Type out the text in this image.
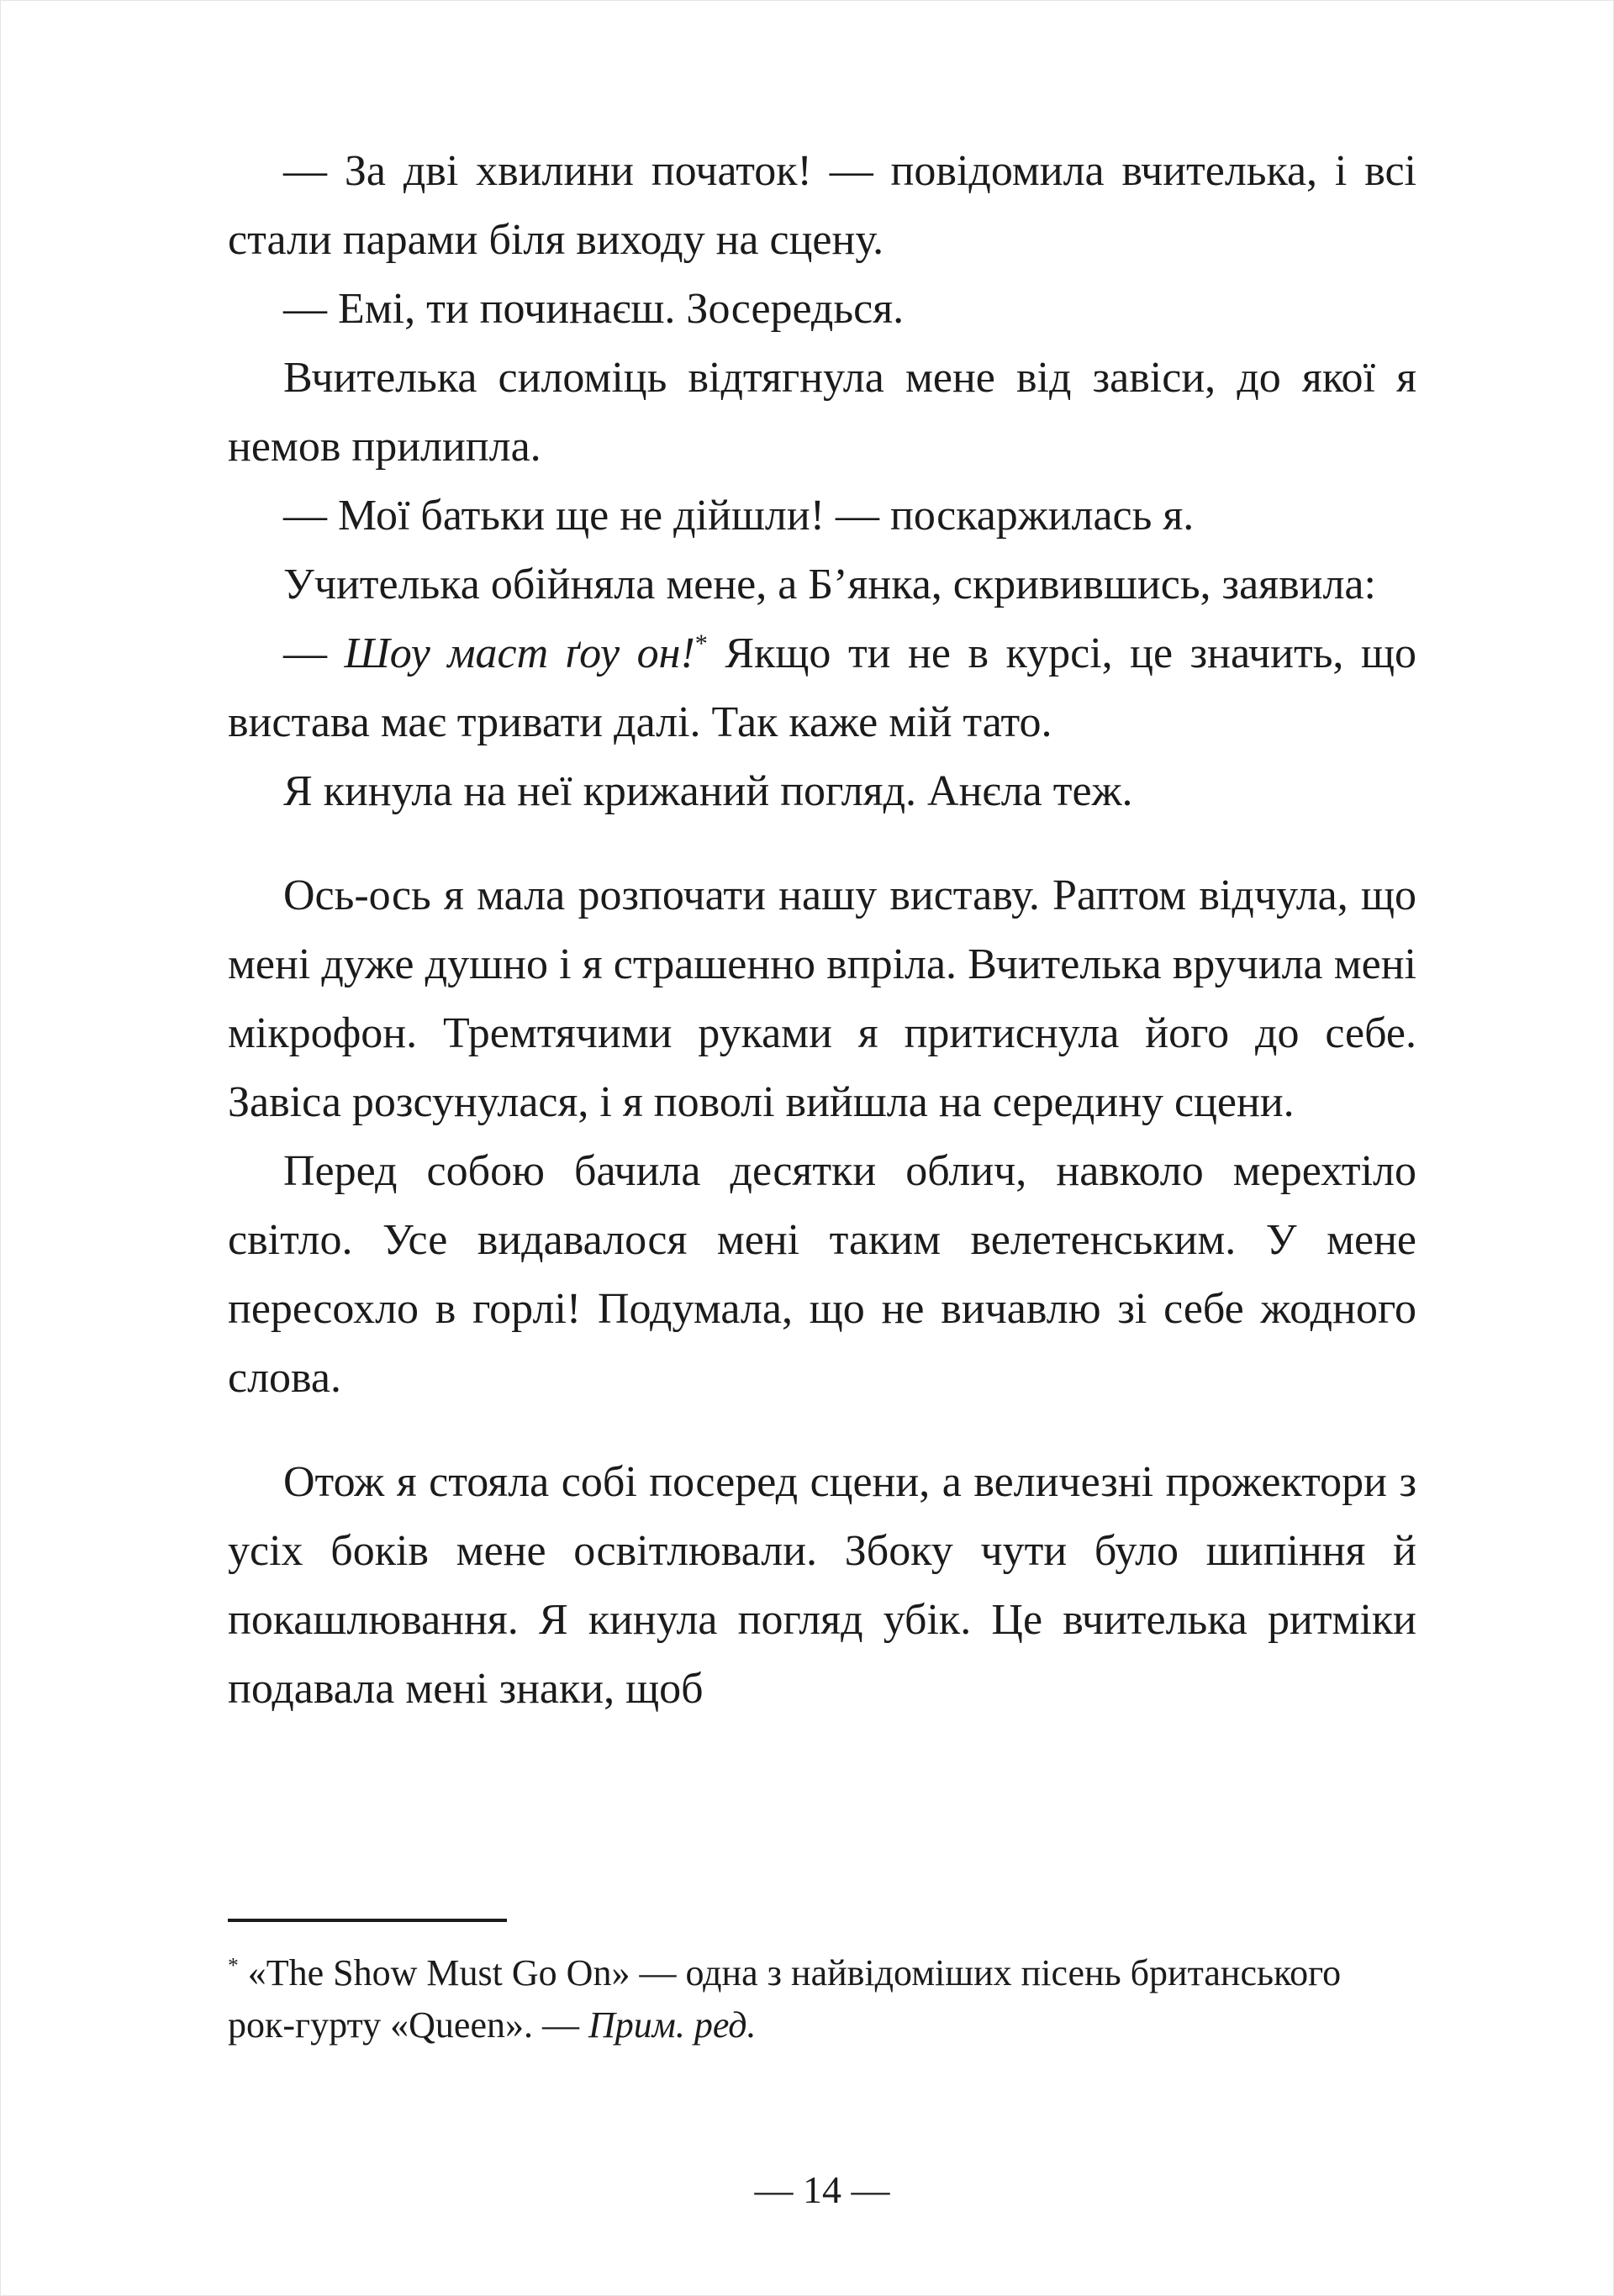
— За дві хвилини початок! — повідомила вчителька, і всі стали парами біля виходу на сцену.

— Емі, ти починаєш. Зосередься.

Вчителька силоміць відтягнула мене від завіси, до якої я немов прилипла.

— Мої батьки ще не дійшли! — поскаржилась я.

Учителька обійняла мене, а Б’янка, скривившись, заявила:

— Шоу маст ґоу он!* Якщо ти не в курсі, це значить, що вистава має тривати далі. Так каже мій тато.

Я кинула на неї крижаний погляд. Анєла теж.

Ось-ось я мала розпочати нашу виставу. Раптом відчула, що мені дуже душно і я страшенно впріла. Вчителька вручила мені мікрофон. Тремтячими руками я притиснула його до себе. Завіса розсунулася, і я поволі вийшла на середину сцени.

Перед собою бачила десятки облич, навколо мерехтіло світло. Усе видавалося мені таким велетенським. У мене пересохло в горлі! Подумала, що не вичавлю зі себе жодного слова.

Отож я стояла собі посеред сцени, а величезні прожектори з усіх боків мене освітлювали. Збоку чути було шипіння й покашлювання. Я кинула погляд убік. Це вчителька ритміки подавала мені знаки, щоб

* «The Show Must Go On» — одна з найвідоміших пісень британського рок-гурту «Queen». — Прим. ред.
— 14 —
